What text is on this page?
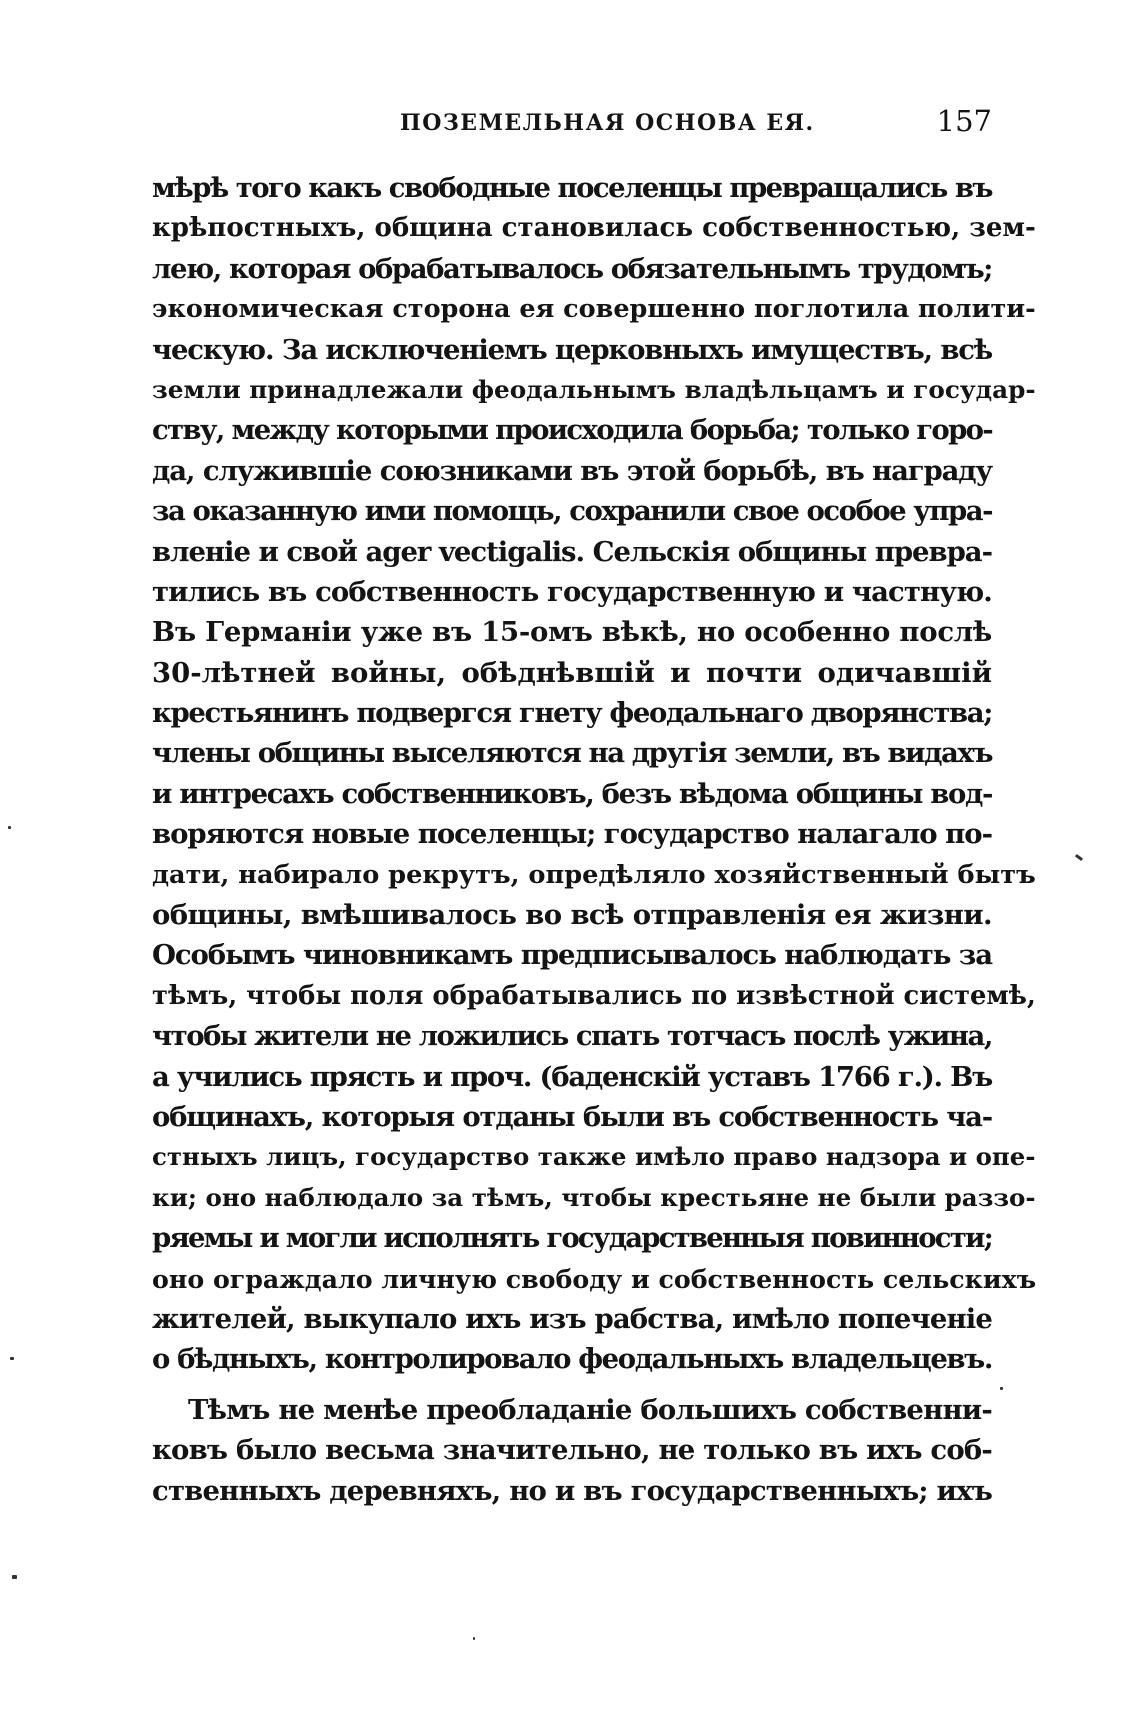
ПОЗЕМЕЛЬНАЯ ОСНОВА ЕЯ.	157
мѣрѣ того какъ свободные поселенцы превращались въ
крѣпостныхъ, община становилась собственностью, зем-
лею, которая обрабатывалось обязательнымъ трудомъ;
экономическая сторона ея совершенно поглотила полити-
ческую. За исключеніемъ церковныхъ имуществъ, всѣ
земли принадлежали феодальнымъ владѣльцамъ и государ-
ству, между которыми происходила борьба; только горо-
да, служившіе союзниками въ этой борьбѣ, въ награду
за оказанную ими помощь, сохранили свое особое упра-
вленіе и свой ager vectigalis. Сельскія общины превра-
тились въ собственность государственную и частную.
Въ Германіи уже въ 15-омъ вѣкѣ, но особенно послѣ
30-лѣтней войны, обѣднѣвшій и почти одичавшій
крестьянинъ подвергся гнету феодальнаго дворянства;
члены общины выселяются на другія земли, въ видахъ
и интресахъ собственниковъ, безъ вѣдома общины вод-
воряются новые поселенцы; государство налагало по-
дати, набирало рекрутъ, опредѣляло хозяйственный бытъ
общины, вмѣшивалось во всѣ отправленія ея жизни.
Особымъ чиновникамъ предписывалось наблюдать за
тѣмъ, чтобы поля обрабатывались по извѣстной системѣ,
чтобы жители не ложились спать тотчасъ послѣ ужина,
а учились прясть и проч. (баденскій уставъ 1766 г.). Въ
общинахъ, которыя отданы были въ собственность ча-
стныхъ лицъ, государство также имѣло право надзора и опе-
ки; оно наблюдало за тѣмъ, чтобы крестьяне не были раззо-
ряемы и могли исполнять государственныя повинности;
оно ограждало личную свободу и собственность сельскихъ
жителей, выкупало ихъ изъ рабства, имѣло попеченіе
о бѣдныхъ, контролировало феодальныхъ владельцевъ.
Тѣмъ не менѣе преобладаніе большихъ собственни-
ковъ было весьма значительно, не только въ ихъ соб-
ственныхъ деревняхъ, но и въ государственныхъ; ихъ
